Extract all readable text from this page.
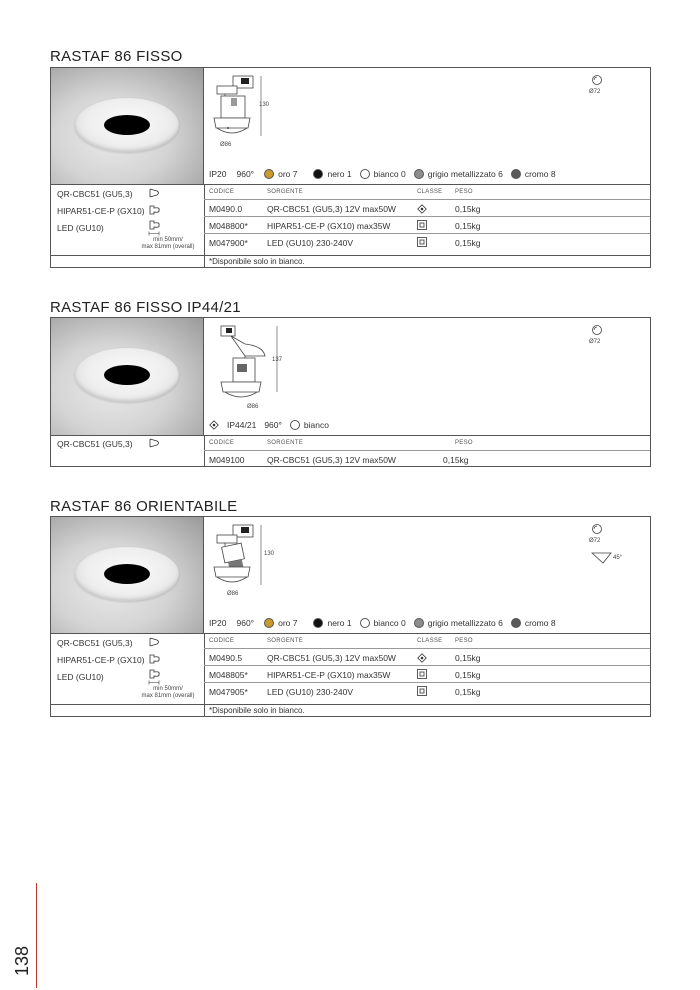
RASTAF 86 FISSO
130
Ø86
Ø72
IP20 960°	oro 7	nero 1	bianco 0	grigio metallizzato 6	cromo 8
CODICE	SORGENTE	CLASSE PESO
M0490.0	QR-CBC51 (GU5,3) 12V max50W	0,15kg
M048800* HIPAR51-CE-P (GX10) max35W	0,15kg
M047900* LED (GU10) 230-240V	0,15kg
QR-CBC51 (GU5,3)
HIPAR51-CE-P (GX10)
LED (GU10)
min 50mm/
max 81mm (overall)
*Disponibile solo in bianco.
RASTAF 86 FISSO IP44/21
137
Ø86
Ø72
IP44/21 960°	bianco
CODICE	SORGENTE	PESO
M049100	QR-CBC51 (GU5,3) 12V max50W	0,15kg
QR-CBC51 (GU5,3)
RASTAF 86 ORIENTABILE
130
Ø86
Ø72
45°
IP20 960°	oro 7	nero 1	bianco 0	grigio metallizzato 6	cromo 8
CODICE	SORGENTE	CLASSE PESO
M0490.5	QR-CBC51 (GU5,3) 12V max50W	0,15kg
M048805* HIPAR51-CE-P (GX10) max35W	0,15kg
M047905* LED (GU10) 230-240V	0,15kg
QR-CBC51 (GU5,3)
HIPAR51-CE-P (GX10)
LED (GU10)
min 50mm/
max 81mm (overall)
*Disponibile solo in bianco.
138
